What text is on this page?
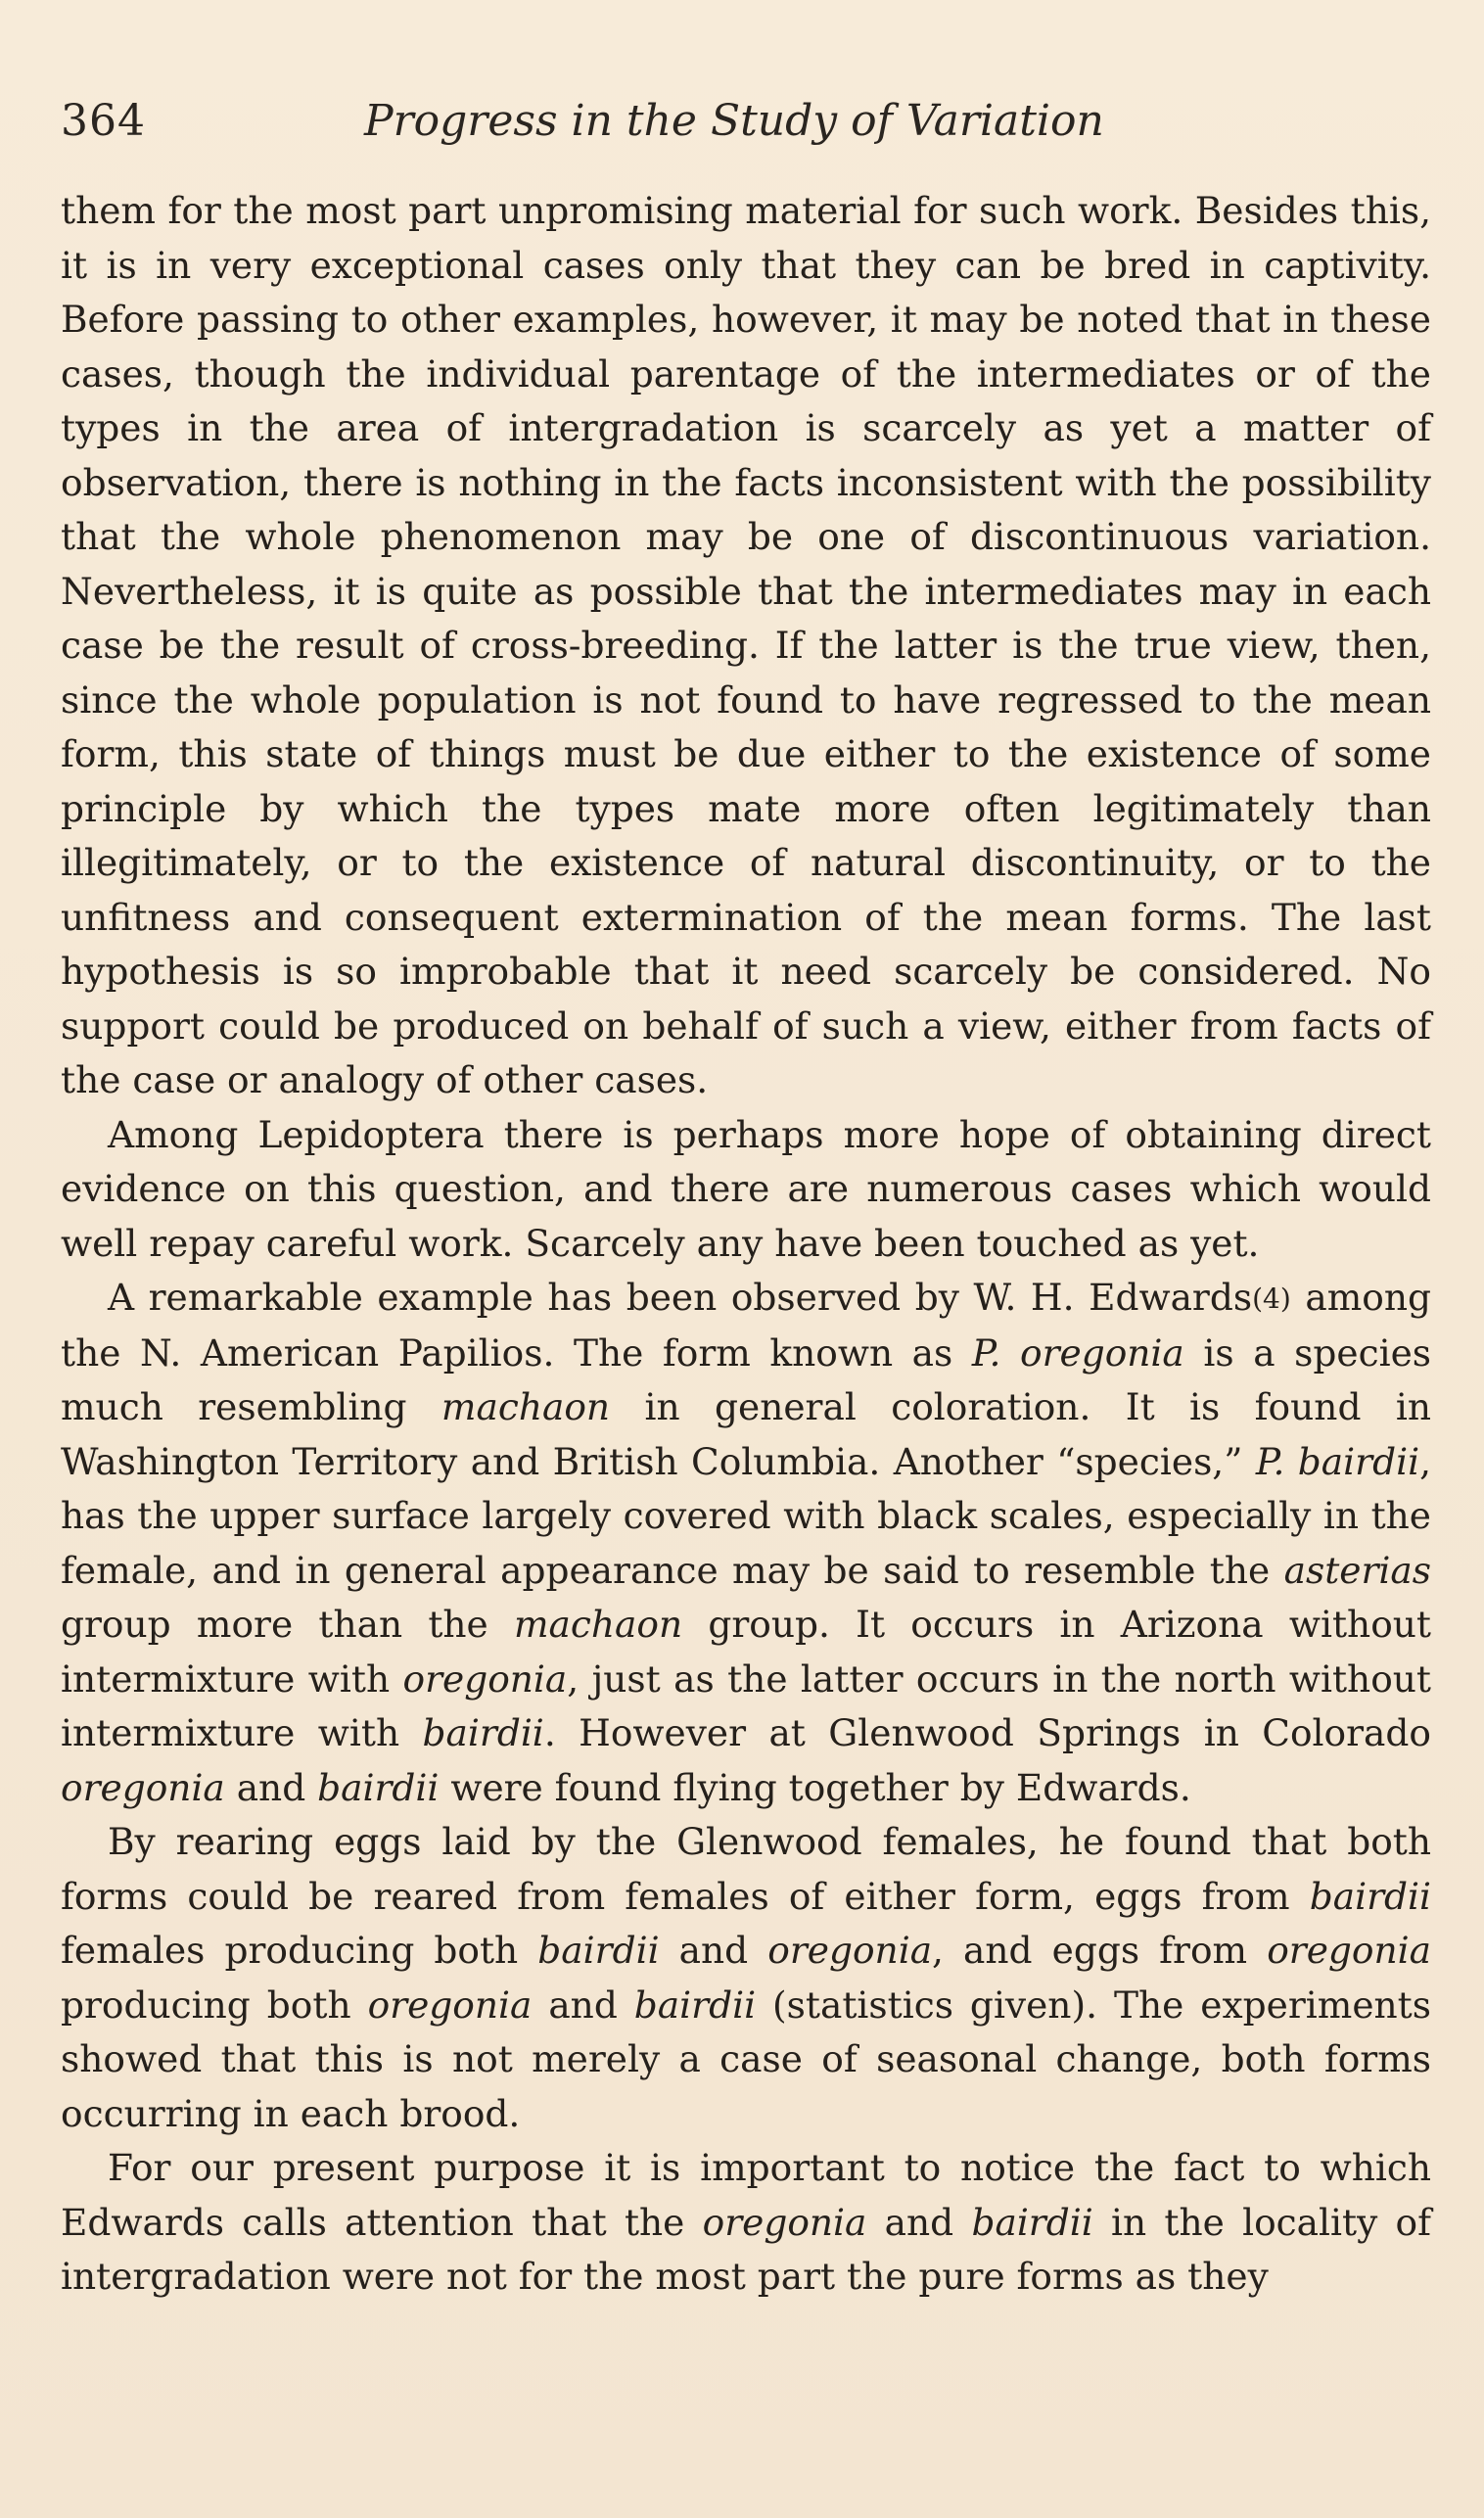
364	Progress in the Study of Variation

them for the most part unpromising material for such work. Besides this, it is in very exceptional cases only that they can be bred in captivity. Before passing to other examples, however, it may be noted that in these cases, though the individual parentage of the intermediates or of the types in the area of intergradation is scarcely as yet a matter of observation, there is nothing in the facts inconsistent with the possibility that the whole phenomenon may be one of discontinuous variation. Nevertheless, it is quite as possible that the intermediates may in each case be the result of cross-breeding. If the latter is the true view, then, since the whole population is not found to have regressed to the mean form, this state of things must be due either to the existence of some principle by which the types mate more often legitimately than illegitimately, or to the existence of natural discontinuity, or to the unfitness and consequent extermination of the mean forms. The last hypothesis is so improbable that it need scarcely be considered. No support could be produced on behalf of such a view, either from facts of the case or analogy of other cases.

Among Lepidoptera there is perhaps more hope of obtaining direct evidence on this question, and there are numerous cases which would well repay careful work. Scarcely any have been touched as yet.

A remarkable example has been observed by W. H. Edwards(4) among the N. American Papilios. The form known as P. oregonia is a species much resembling machaon in general coloration. It is found in Washington Territory and British Columbia. Another “species,” P. bairdii, has the upper surface largely covered with black scales, especially in the female, and in general appearance may be said to resemble the asterias group more than the machaon group. It occurs in Arizona without intermixture with oregonia, just as the latter occurs in the north without intermixture with bairdii. However at Glenwood Springs in Colorado oregonia and bairdii were found flying together by Edwards.

By rearing eggs laid by the Glenwood females, he found that both forms could be reared from females of either form, eggs from bairdii females producing both bairdii and oregonia, and eggs from oregonia producing both oregonia and bairdii (statistics given). The experiments showed that this is not merely a case of seasonal change, both forms occurring in each brood.

For our present purpose it is important to notice the fact to which Edwards calls attention that the oregonia and bairdii in the locality of intergradation were not for the most part the pure forms as they
